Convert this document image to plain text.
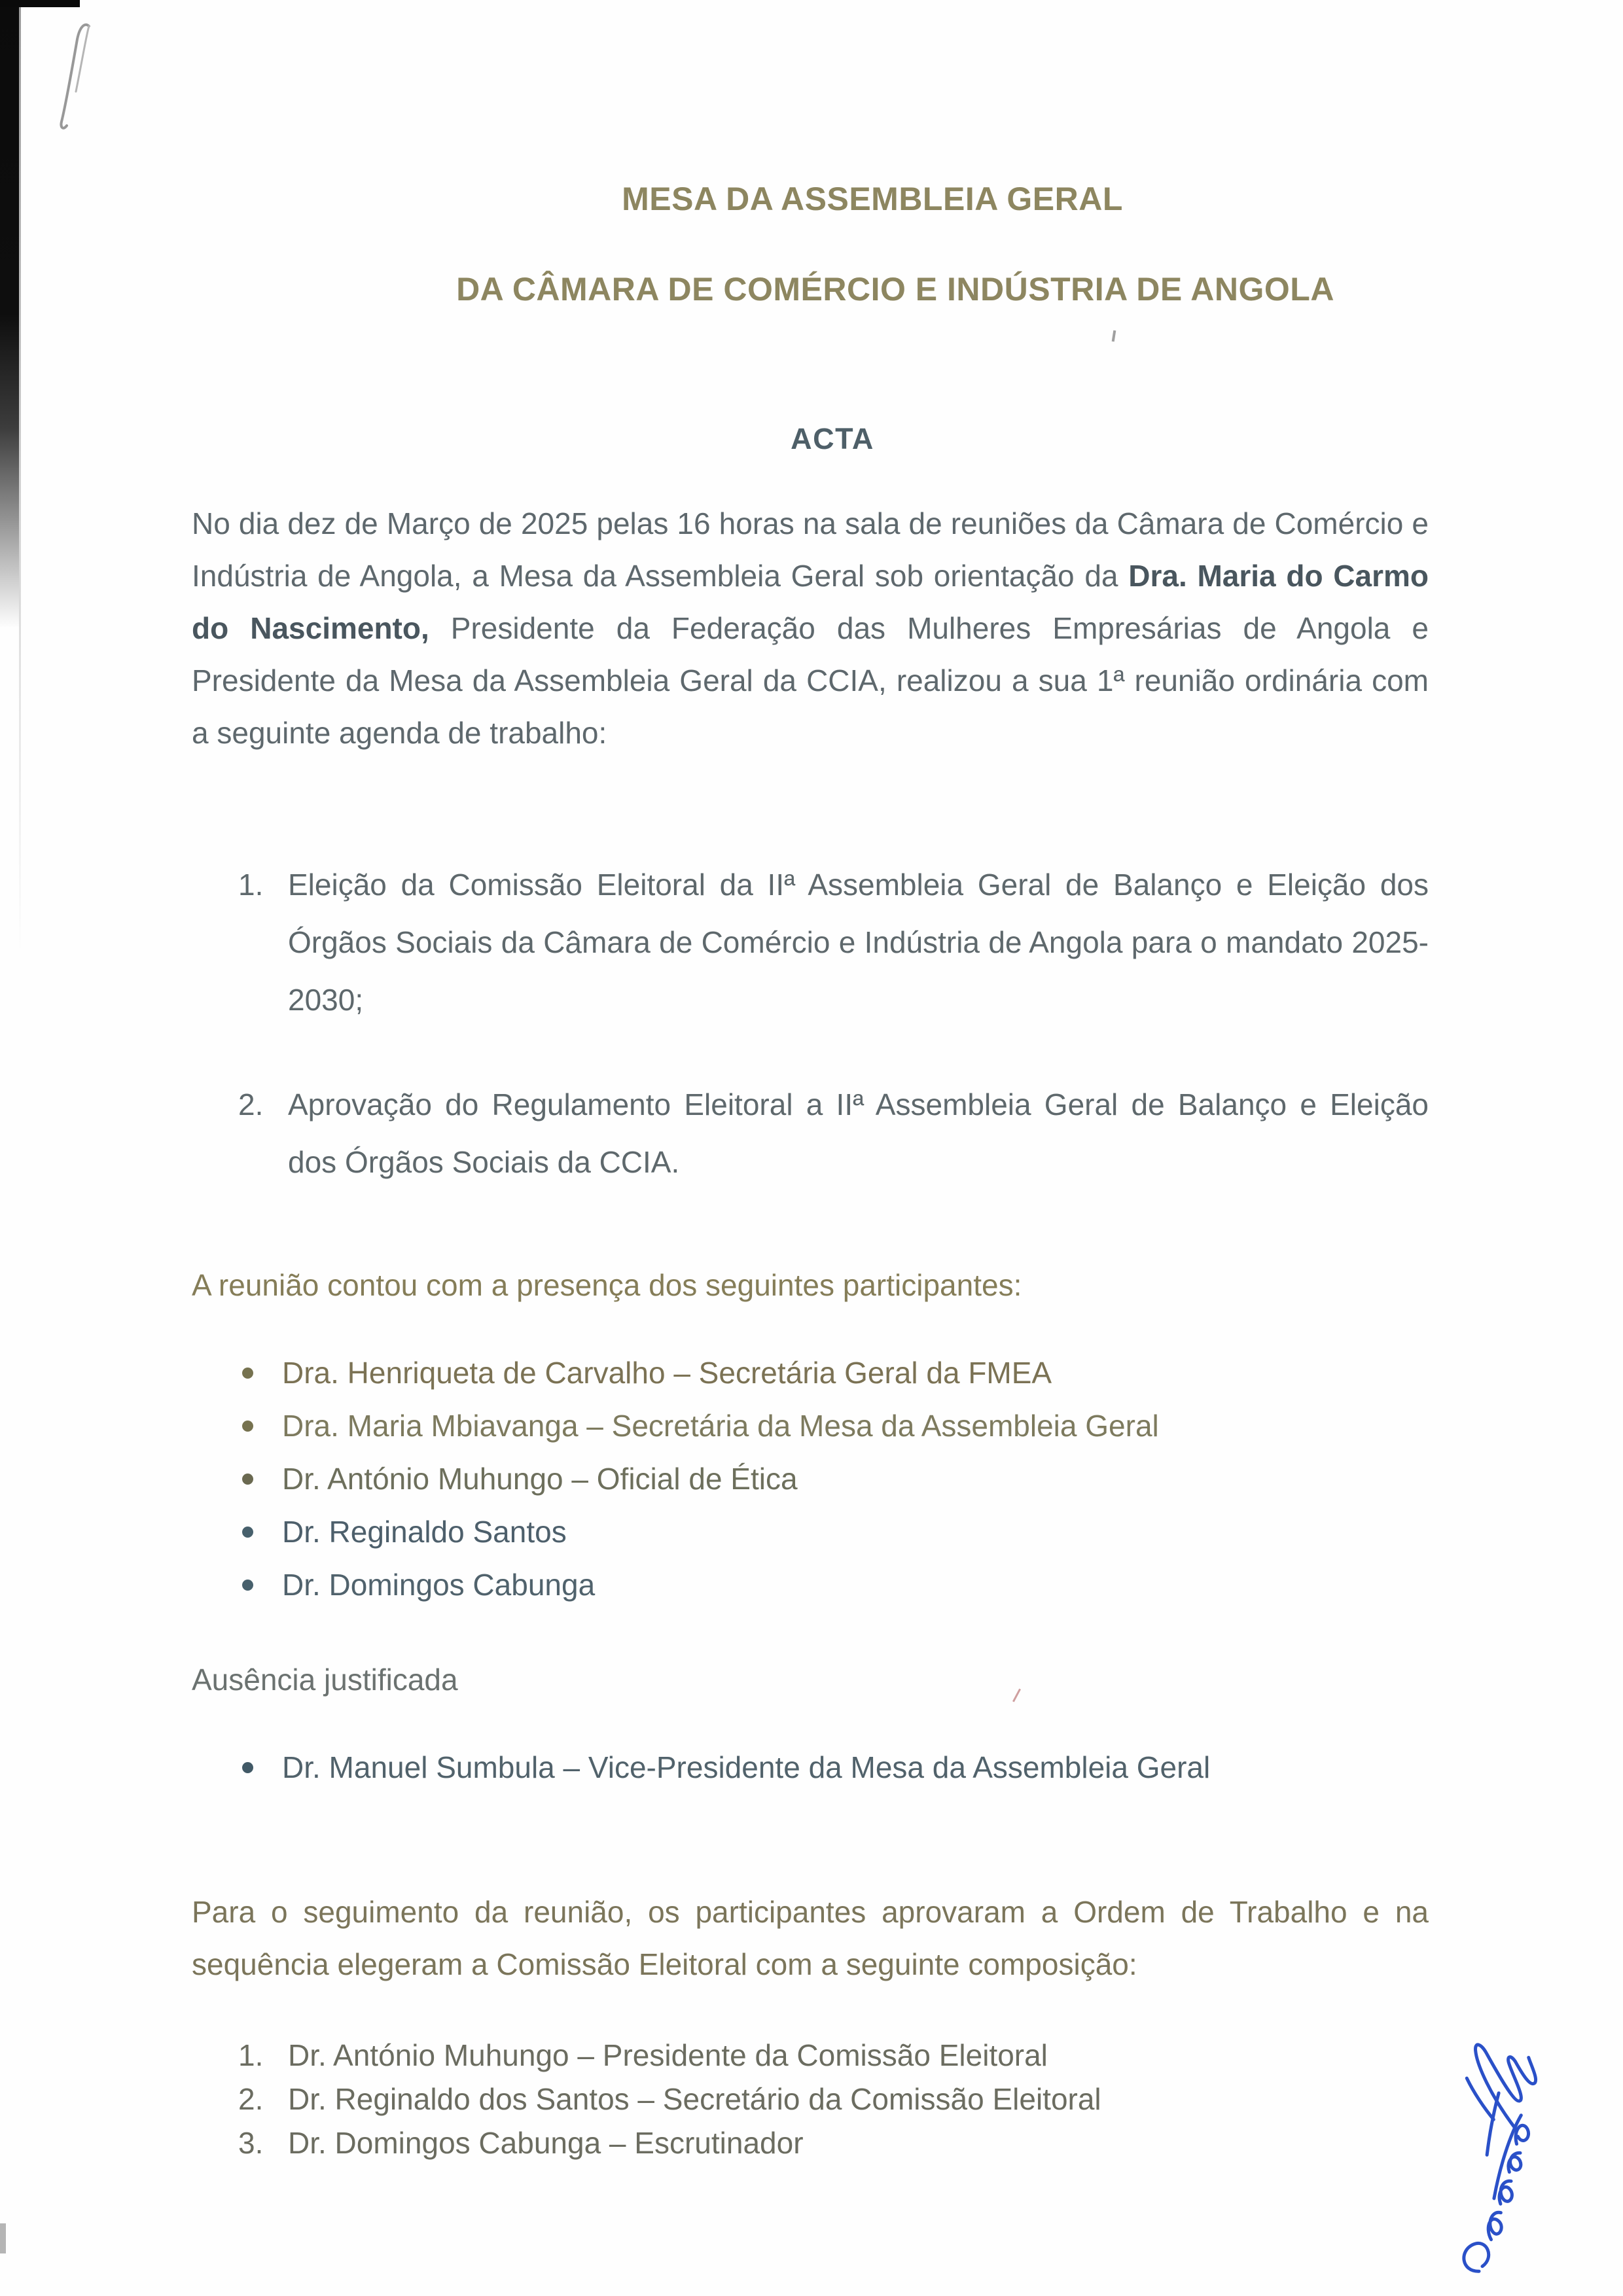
MESA DA ASSEMBLEIA GERAL
DA CÂMARA DE COMÉRCIO E INDÚSTRIA DE ANGOLA
ACTA

No dia dez de Março de 2025 pelas 16 horas na sala de reuniões da Câmara de Comércio e Indústria de Angola, a Mesa da Assembleia Geral sob orientação da Dra. Maria do Carmo do Nascimento, Presidente da Federação das Mulheres Empresárias de Angola e Presidente da Mesa da Assembleia Geral da CCIA, realizou a sua 1ª reunião ordinária com a seguinte agenda de trabalho:

1. Eleição da Comissão Eleitoral da IIª Assembleia Geral de Balanço e Eleição dos Órgãos Sociais da Câmara de Comércio e Indústria de Angola para o mandato 2025-2030;
2. Aprovação do Regulamento Eleitoral a IIª Assembleia Geral de Balanço e Eleição dos Órgãos Sociais da CCIA.

A reunião contou com a presença dos seguintes participantes:

Dra. Henriqueta de Carvalho – Secretária Geral da FMEA
Dra. Maria Mbiavanga – Secretária da Mesa da Assembleia Geral
Dr. António Muhungo – Oficial de Ética
Dr. Reginaldo Santos
Dr. Domingos Cabunga

Ausência justificada

Dr. Manuel Sumbula – Vice-Presidente da Mesa da Assembleia Geral

Para o seguimento da reunião, os participantes aprovaram a Ordem de Trabalho e na sequência elegeram a Comissão Eleitoral com a seguinte composição:

1. Dr. António Muhungo – Presidente da Comissão Eleitoral
2. Dr. Reginaldo dos Santos – Secretário da Comissão Eleitoral
3. Dr. Domingos Cabunga – Escrutinador
